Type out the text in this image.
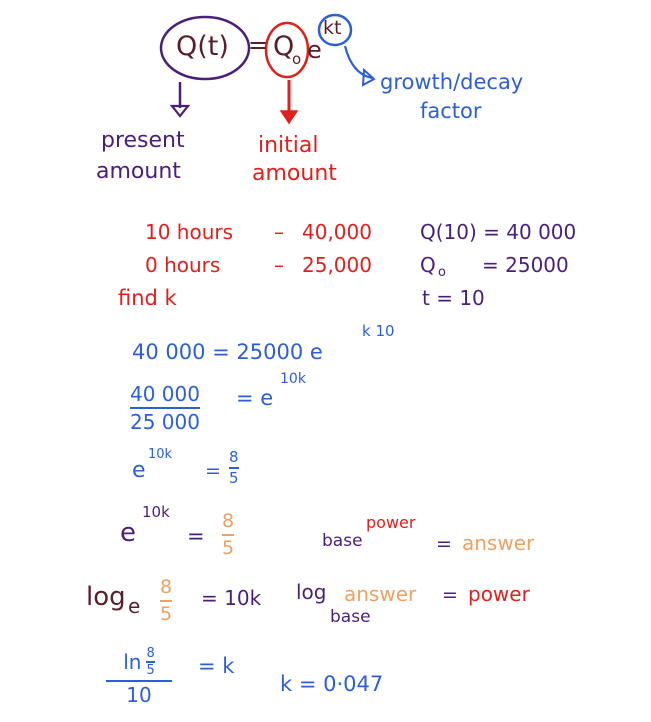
Q(t) = Q
o e
kt
growth/decay
factor
present
amount
initial
amount
10 hours – 40,000 Q(10) = 40 000
0 hours	– 25,000 Q o = 25000
find k	t = 10
40 000 = 25000 e
k 10
40 000
25 000
= e
10k
e
10k
=
8
5
e
10k
=
8
5	base
power
= answer
log e
8
5
= 10k log answer = power
base
$\ln \frac{8}{5}$
10
= k
k = 0·047
